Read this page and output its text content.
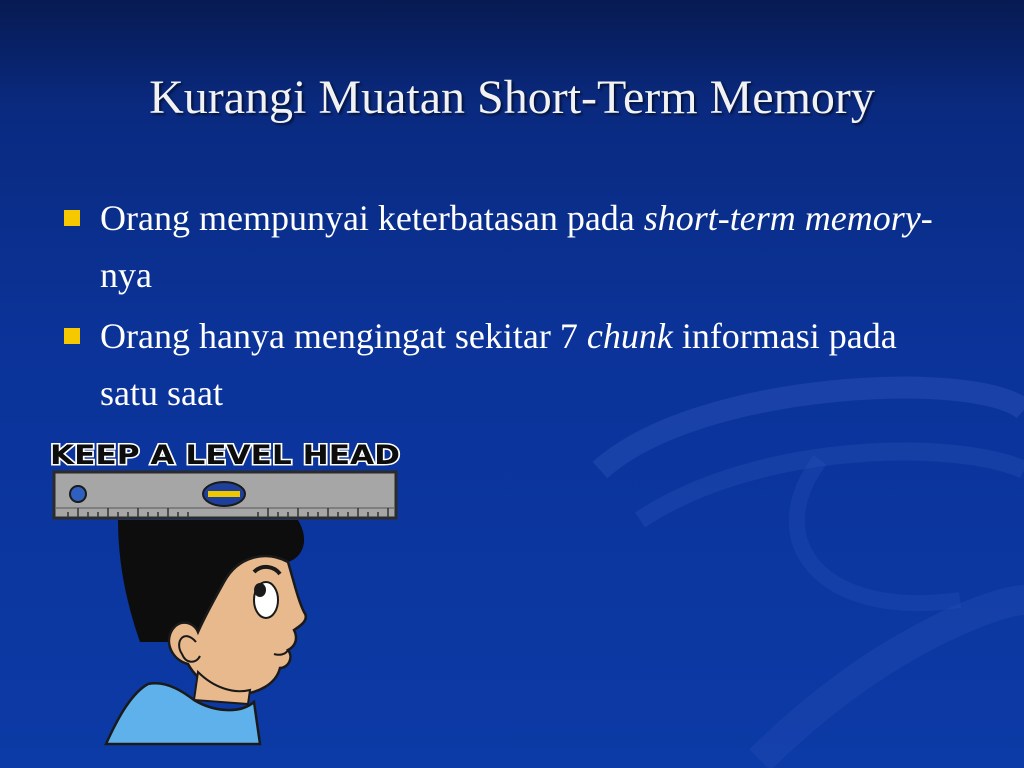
Kurangi Muatan Short-Term Memory
Orang mempunyai keterbatasan pada short-term memory-nya
Orang hanya mengingat sekitar 7 chunk informasi pada satu saat
KEEP A LEVEL HEAD
